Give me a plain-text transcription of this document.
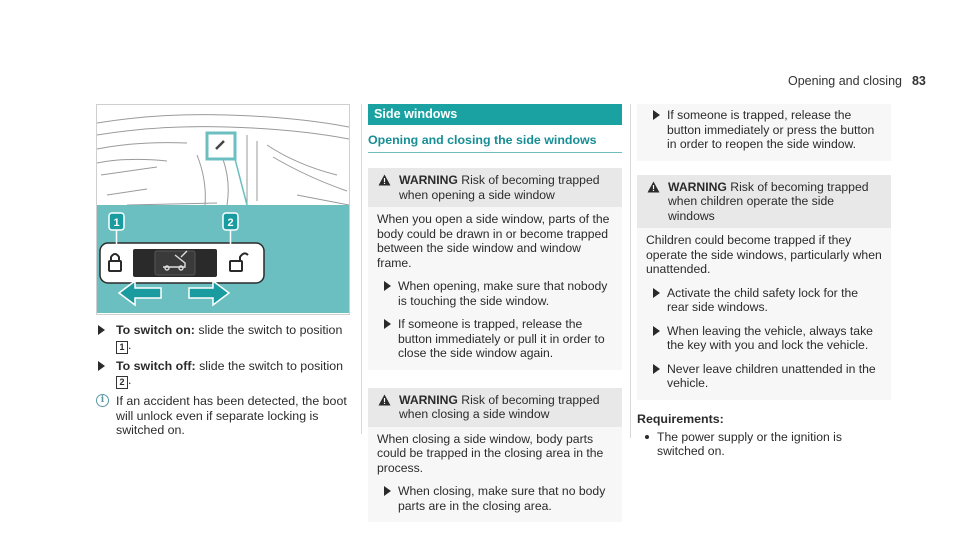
Opening and closing 83
1	2
To switch on: slide the switch to position
1 .
To switch off: slide the switch to position
2 .
i If an accident has been detected, the boot will unlock even if separate locking is switched on.
Side windows
Opening and closing the side windows
WARNING Risk of becoming trapped when opening a side window
When you open a side window, parts of the body could be drawn in or become trapped between the side window and window frame.
When opening, make sure that nobody is touching the side window.
If someone is trapped, release the button immediately or pull it in order to close the side window again.
WARNING Risk of becoming trapped when closing a side window
When closing a side window, body parts could be trapped in the closing area in the process.
When closing, make sure that no body parts are in the closing area.
If someone is trapped, release the button immediately or press the button in order to reopen the side window.
WARNING Risk of becoming trapped when children operate the side windows
Children could become trapped if they operate the side windows, particularly when unattended.
Activate the child safety lock for the rear side windows.
When leaving the vehicle, always take the key with you and lock the vehicle.
Never leave children unattended in the vehicle.
Requirements:
The power supply or the ignition is switched on.
